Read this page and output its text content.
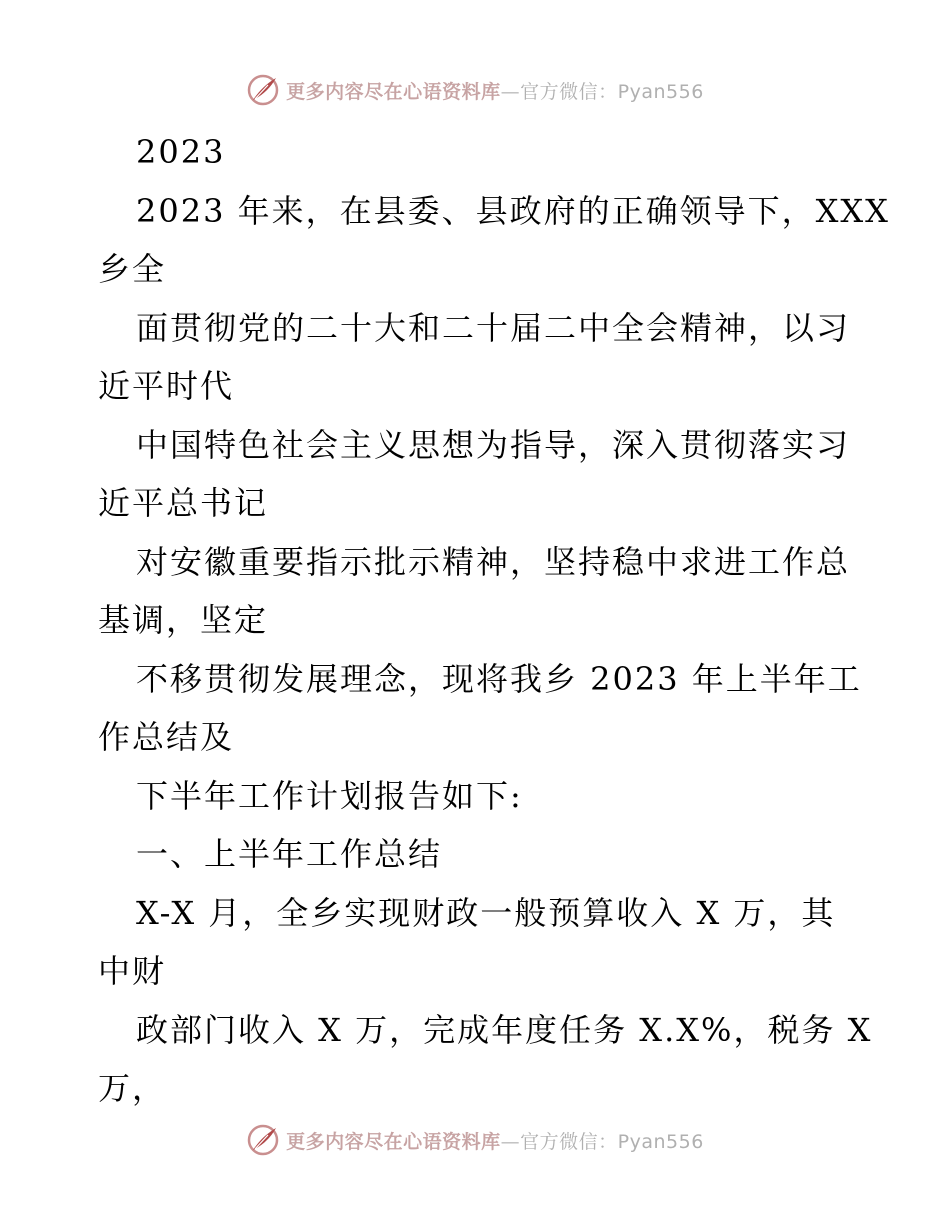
更多内容尽在心语资料库—官方微信：Pyan556
2023
2023 年来，在县委、县政府的正确领导下，XXX
乡全
面贯彻党的二十大和二十届二中全会精神，以习
近平时代
中国特色社会主义思想为指导，深入贯彻落实习
近平总书记
对安徽重要指示批示精神，坚持稳中求进工作总
基调，坚定
不移贯彻发展理念，现将我乡 2023 年上半年工
作总结及
下半年工作计划报告如下:
一、上半年工作总结
X-X 月，全乡实现财政一般预算收入 X 万，其
中财
政部门收入 X 万，完成年度任务 X.X%，税务 X
万，
更多内容尽在心语资料库—官方微信：Pyan556
